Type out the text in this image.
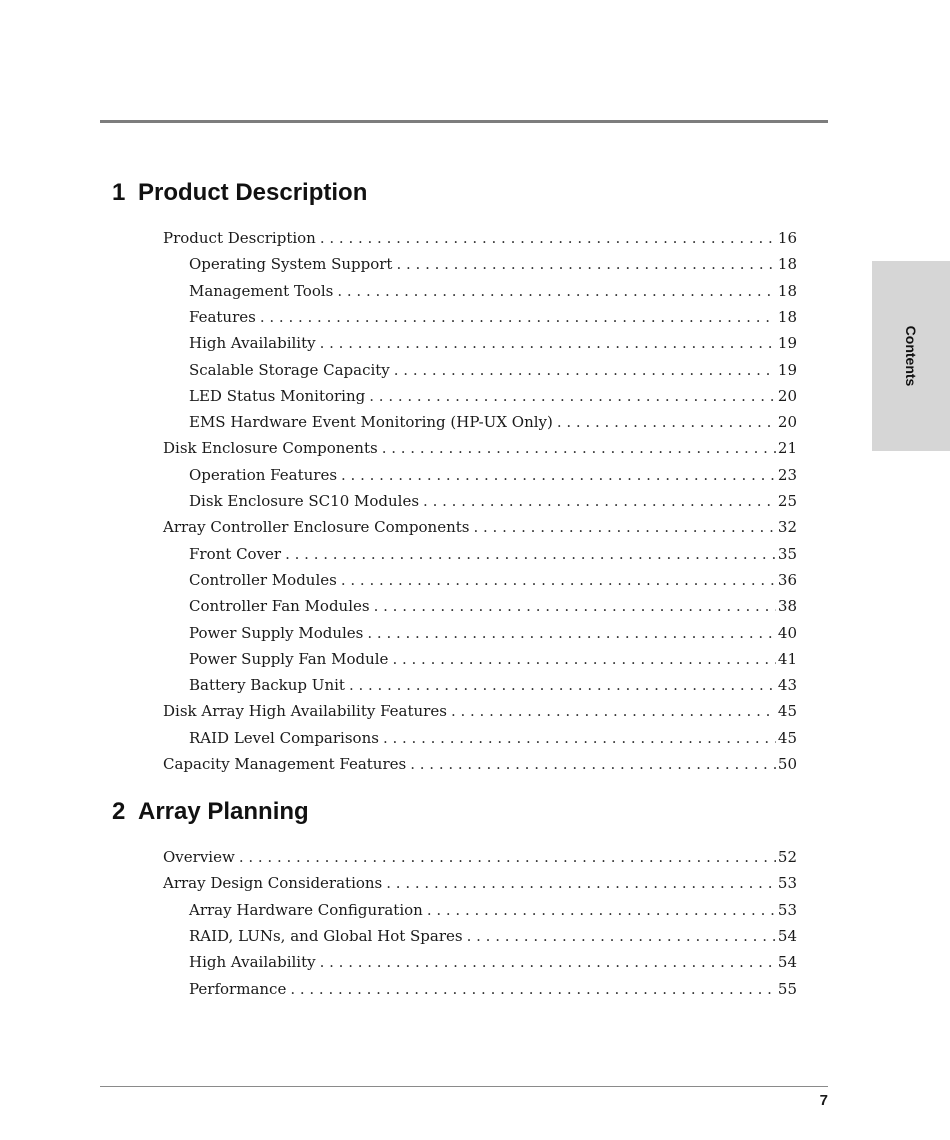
Contents
1 Product Description
Product Description . . .	16
Operating System Support . . .	18
Management Tools . . .	18
Features . . .	18
High Availability . . .	19
Scalable Storage Capacity . . .	19
LED Status Monitoring . . .	20
EMS Hardware Event Monitoring (HP-UX Only) . . .	20
Disk Enclosure Components . . .	21
Operation Features . . .	23
Disk Enclosure SC10 Modules . . .	25
Array Controller Enclosure Components . . .	32
Front Cover . . .	35
Controller Modules . . .	36
Controller Fan Modules . . .	38
Power Supply Modules . . .	40
Power Supply Fan Module . . .	41
Battery Backup Unit . . .	43
Disk Array High Availability Features . . .	45
RAID Level Comparisons . . .	45
Capacity Management Features . . .	50
2 Array Planning
Overview . . .	52
Array Design Considerations . . .	53
Array Hardware Configuration . . .	53
RAID, LUNs, and Global Hot Spares . . .	54
High Availability . . .	54
Performance . . .	55
7
